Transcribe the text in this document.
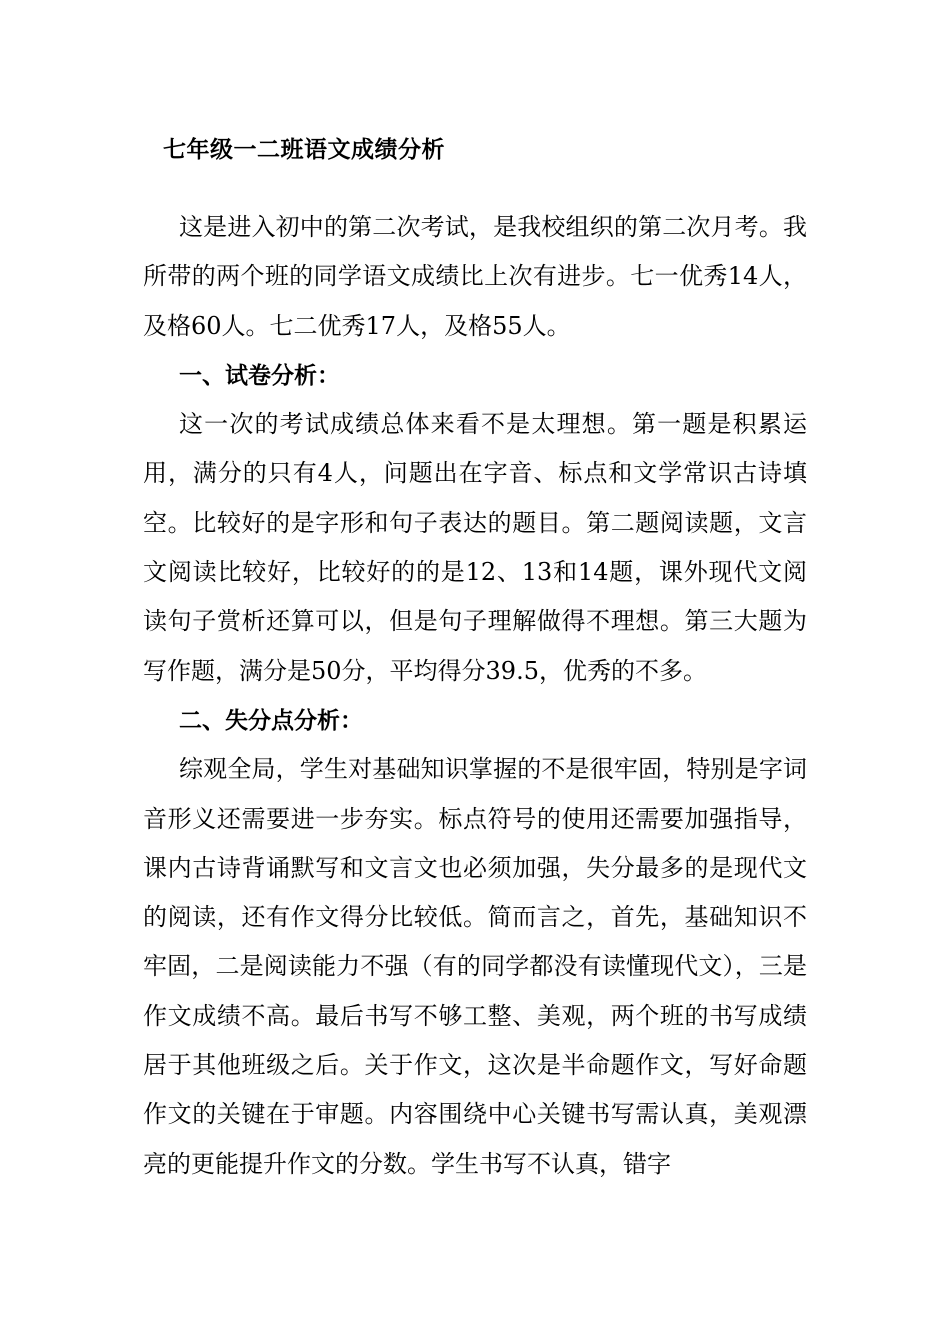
七年级一二班语文成绩分析

这是进入初中的第二次考试，是我校组织的第二次月考。我所带的两个班的同学语文成绩比上次有进步。七一优秀14人，及格60人。七二优秀17人，及格55人。

一、试卷分析：

这一次的考试成绩总体来看不是太理想。第一题是积累运用，满分的只有4人，问题出在字音、标点和文学常识古诗填空。比较好的是字形和句子表达的题目。第二题阅读题，文言文阅读比较好，比较好的的是12、13和14题，课外现代文阅读句子赏析还算可以，但是句子理解做得不理想。第三大题为写作题，满分是50分，平均得分39.5，优秀的不多。

二、失分点分析：

综观全局，学生对基础知识掌握的不是很牢固，特别是字词音形义还需要进一步夯实。标点符号的使用还需要加强指导，课内古诗背诵默写和文言文也必须加强，失分最多的是现代文的阅读，还有作文得分比较低。简而言之，首先，基础知识不牢固，二是阅读能力不强（有的同学都没有读懂现代文），三是作文成绩不高。最后书写不够工整、美观，两个班的书写成绩居于其他班级之后。关于作文，这次是半命题作文，写好命题作文的关键在于审题。内容围绕中心关键书写需认真，美观漂亮的更能提升作文的分数。学生书写不认真，错字
